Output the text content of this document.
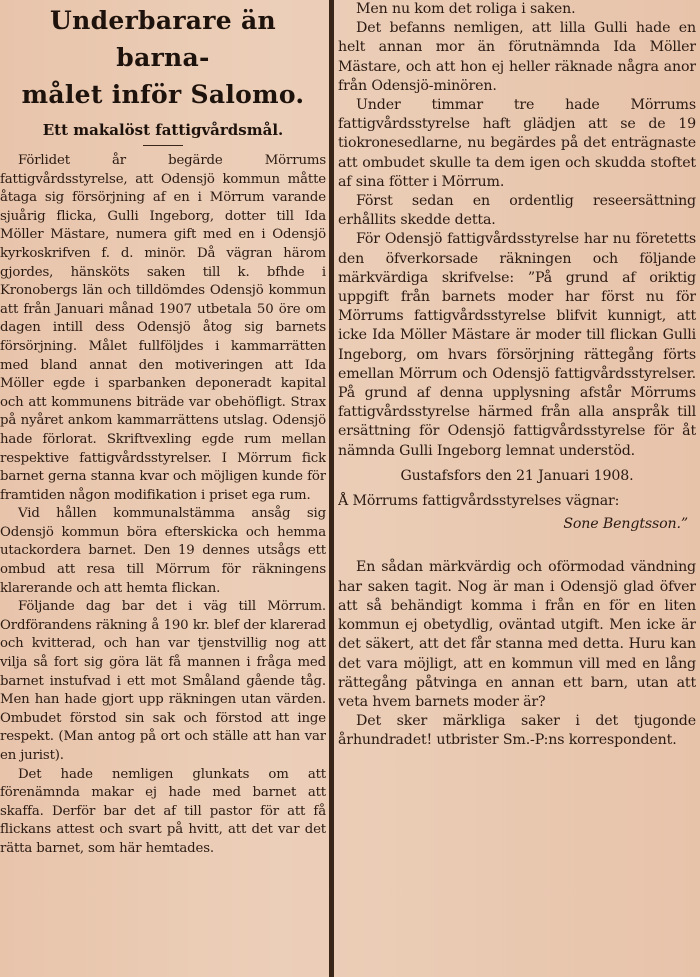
Underbarare än barna-
målet inför Salomo.
Ett makalöst fattigvårdsmål.

Förlidet år begärde Mörrums fattigvårdsstyrelse, att Odensjö kommun måtte åtaga sig försörjning af en i Mörrum varande sjuårig flicka, Gulli Ingeborg, dotter till Ida Möller Mästare, numera gift med en i Odensjö kyrkoskrifven f. d. minör. Då vägran härom gjordes, hänsköts saken till k. bfhde i Kronobergs län och tilldömdes Odensjö kommun att från Januari månad 1907 utbetala 50 öre om dagen intill dess Odensjö åtog sig barnets försörjning. Målet fullföljdes i kammarrätten med bland annat den motiveringen att Ida Möller egde i sparbanken deponeradt kapital och att kommunens biträde var obehöfligt. Strax på nyåret ankom kammarrättens utslag. Odensjö hade förlorat. Skriftvexling egde rum mellan respektive fattigvårdsstyrelser. I Mörrum fick barnet gerna stanna kvar och möjligen kunde för framtiden någon modifikation i priset ega rum.

Vid hållen kommunalstämma ansåg sig Odensjö kommun böra efterskicka och hemma utackordera barnet. Den 19 dennes utsågs ett ombud att resa till Mörrum för räkningens klarerande och att hemta flickan.

Följande dag bar det i väg till Mörrum. Ordförandens räkning å 190 kr. blef der klarerad och kvitterad, och han var tjenstvillig nog att vilja så fort sig göra lät få mannen i fråga med barnet instufvad i ett mot Småland gående tåg. Men han hade gjort upp räkningen utan värden. Ombudet förstod sin sak och förstod att inge respekt. (Man antog på ort och ställe att han var en jurist).

Det hade nemligen glunkats om att förenämnda makar ej hade med barnet att skaffa. Derför bar det af till pastor för att få flickans attest och svart på hvitt, att det var det rätta barnet, som här hemtades.

Men nu kom det roliga i saken.

Det befanns nemligen, att lilla Gulli hade en helt annan mor än förutnämnda Ida Möller Mästare, och att hon ej heller räknade några anor från Odensjö-minören.

Under timmar tre hade Mörrums fattigvårdsstyrelse haft glädjen att se de 19 tiokronesedlarne, nu begärdes på det enträgnaste att ombudet skulle ta dem igen och skudda stoftet af sina fötter i Mörrum.

Först sedan en ordentlig reseersättning erhållits skedde detta.

För Odensjö fattigvårdsstyrelse har nu företetts den öfverkorsade räkningen och följande märkvärdiga skrifvelse: ”På grund af oriktig uppgift från barnets moder har först nu för Mörrums fattigvårdsstyrelse blifvit kunnigt, att icke Ida Möller Mästare är moder till flickan Gulli Ingeborg, om hvars försörjning rättegång förts emellan Mörrum och Odensjö fattigvårdsstyrelser. På grund af denna upplysning afstår Mörrums fattigvårdsstyrelse härmed från alla anspråk till ersättning för Odensjö fattigvårdsstyrelse för åt nämnda Gulli Ingeborg lemnat understöd.

Gustafsfors den 21 Januari 1908.

Å Mörrums fattigvårdsstyrelses vägnar:

Sone Bengtsson.”

En sådan märkvärdig och oförmodad vändning har saken tagit. Nog är man i Odensjö glad öfver att så behändigt komma i från en för en liten kommun ej obetydlig, oväntad utgift. Men icke är det säkert, att det får stanna med detta. Huru kan det vara möjligt, att en kommun vill med en lång rättegång påtvinga en annan ett barn, utan att veta hvem barnets moder är?

Det sker märkliga saker i det tjugonde århundradet! utbrister Sm.-P:ns korrespondent.
